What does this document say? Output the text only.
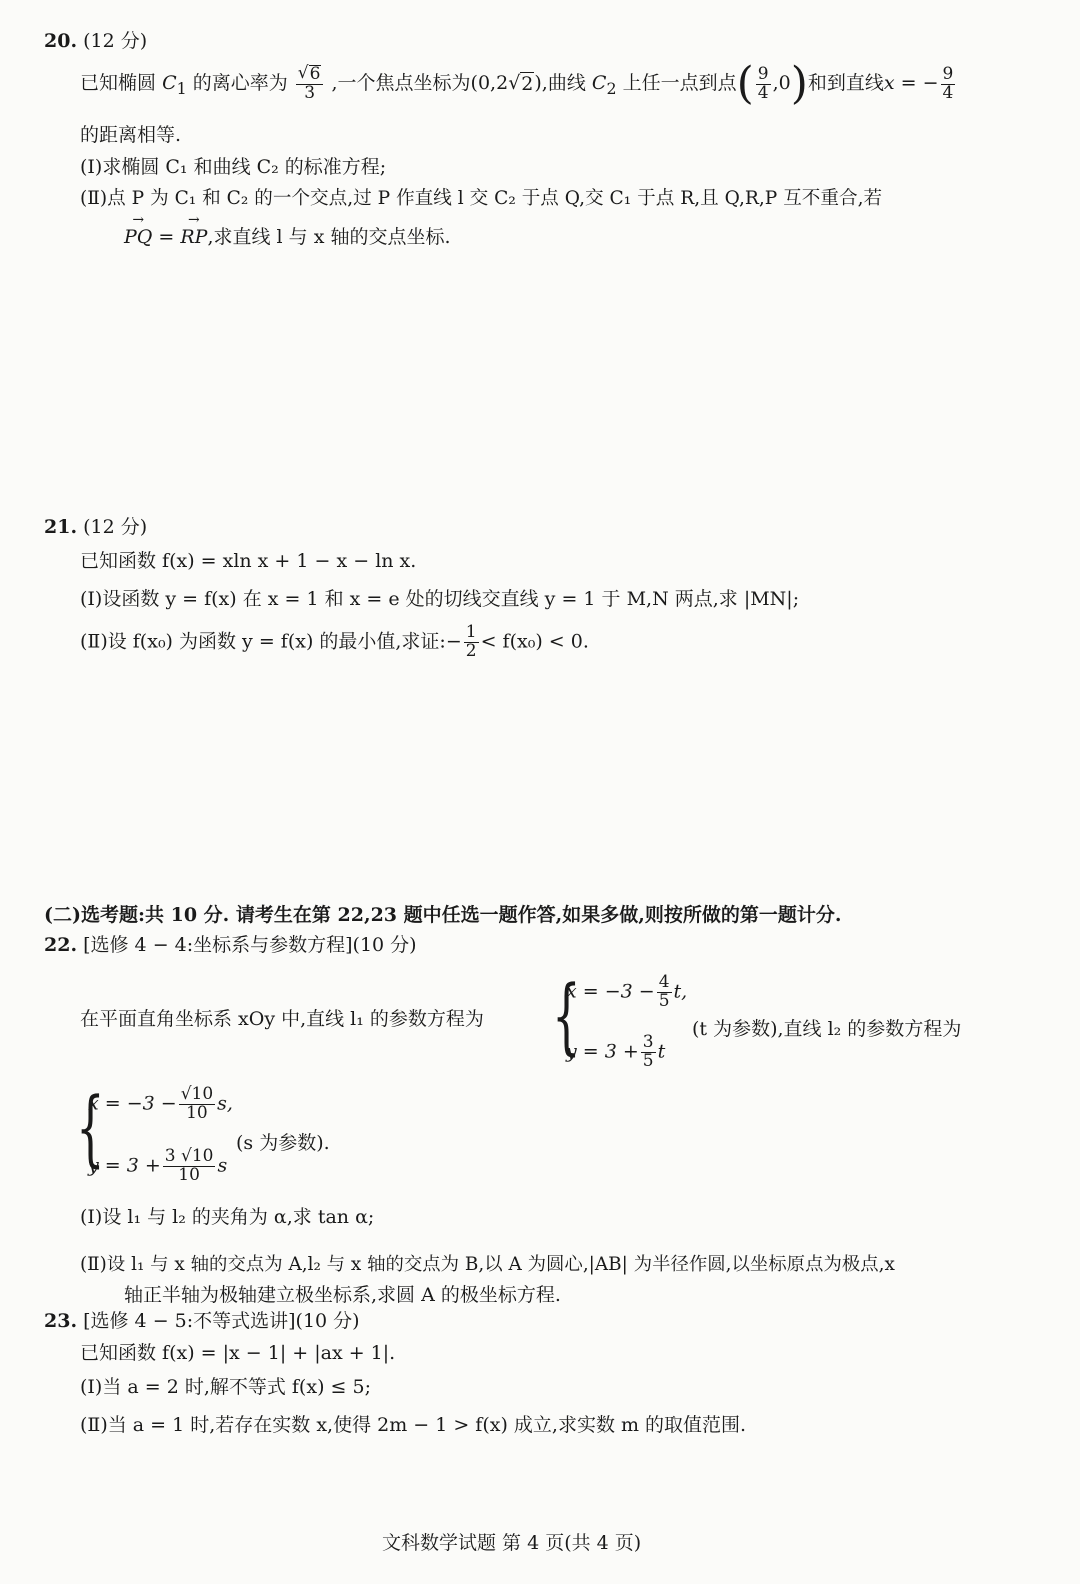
20. (12 分)
已知椭圆 $C_1$ 的离心率为 $\frac{√ 6}{3}$ ,一个焦点坐标为(0,2√ 2 ),曲线 $C_2$ 上任一点到点( $\frac{9}{4} ,0$)和到直线x = − $\frac{9}{4}$
的距离相等.
(Ⅰ)求椭圆 C₁ 和曲线 C₂ 的标准方程;
(Ⅱ)点 P 为 C₁ 和 C₂ 的一个交点,过 P 作直线 l 交 C₂ 于点 Q,交 C₁ 于点 R,且 Q,R,P 互不重合,若
→ PQ = → RP,求直线 l 与 x 轴的交点坐标.
21. (12 分)
已知函数 f(x) = xln x + 1 − x − ln x.
(Ⅰ)设函数 y = f(x) 在 x = 1 和 x = e 处的切线交直线 y = 1 于 M,N 两点,求 |MN|;
(Ⅱ)设 f(x₀) 为函数 y = f(x) 的最小值,求证:− $\frac{1}{2} < f(x_0) < 0$.
(二)选考题:共 10 分. 请考生在第 22,23 题中任选一题作答,如果多做,则按所做的第一题计分.
22. [选修 4 − 4:坐标系与参数方程](10 分)
在平面直角坐标系 xOy 中,直线 l₁ 的参数方程为 {
$x = -3 - \frac{4}{5} t$,
$y = 3 + \frac{3}{5}$ t
(t 为参数),直线 l₂ 的参数方程为
{
$x = -3 - \frac{√10}{10} s$,
$y = 3 + \frac{3 √10}{10}$ s
(s 为参数).
(Ⅰ)设 l₁ 与 l₂ 的夹角为 α,求 tan α;
(Ⅱ)设 l₁ 与 x 轴的交点为 A,l₂ 与 x 轴的交点为 B,以 A 为圆心,|AB| 为半径作圆,以坐标原点为极点,x
轴正半轴为极轴建立极坐标系,求圆 A 的极坐标方程.
23. [选修 4 − 5:不等式选讲](10 分)
已知函数 f(x) = |x − 1| + |ax + 1|.
(Ⅰ)当 a = 2 时,解不等式 f(x) ≤ 5;
(Ⅱ)当 a = 1 时,若存在实数 x,使得 2m − 1 > f(x) 成立,求实数 m 的取值范围.
文科数学试题 第 4 页(共 4 页)
